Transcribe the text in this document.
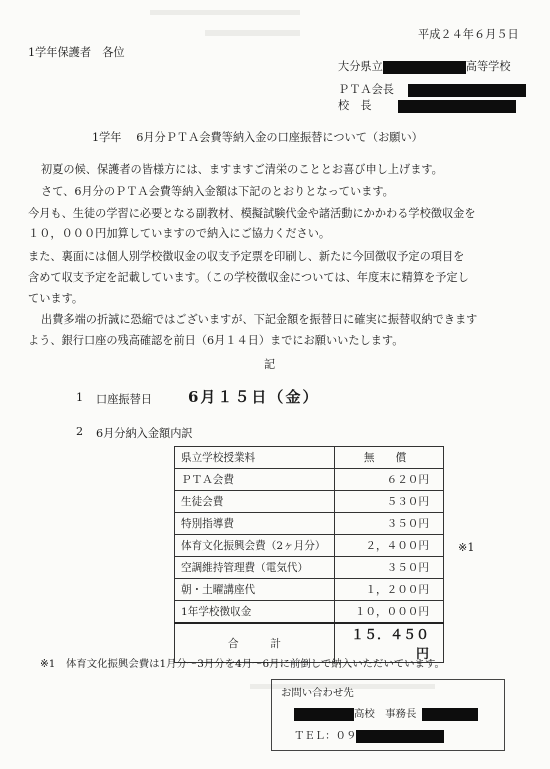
平成２４年６月５日
1学年保護者　各位
大分県立	高等学校
ＰＴＡ会長
校　長
1学年　 6月分ＰＴＡ会費等納入金の口座振替について（お願い）

初夏の候、保護者の皆様方には、ますますご清栄のこととお喜び申し上げます。

さて、6月分のＰＴＡ会費等納入金額は下記のとおりとなっています。

今月も、生徒の学習に必要となる副教材、模擬試験代金や諸活動にかかわる学校徴収金を

１０，０００円加算していますので納入にご協力ください。

また、裏面には個人別学校徴収金の収支予定票を印刷し、新たに今回徴収予定の項目を

含めて収支予定を記載しています。（この学校徴収金については、年度末に精算を予定し

ています。

出費多端の折誠に恐縮ではございますが、下記金額を振替日に確実に振替収納できます

よう、銀行口座の残高確認を前日（6月１４日）までにお願いいたします。

記
1 口座振替日 6月１５日（金）
2 6月分納入金額内訳
県立学校授業料	無　　償
ＰＴＡ会費	６２０円
生徒会費	５３０円
特別指導費	３５０円
体育文化振興会費（2ヶ月分）	２，４００円
空調維持管理費（電気代）	３５０円
朝・土曜講座代	１，２００円
1年学校徴収金	１０，０００円
合　　　計	１５．４５０円
※1
※1 体育文化振興会費は1月分～3月分を4月～6月に前倒しで納入いただいています。
お問い合わせ先
高校　事務長
ＴＥＬ：０９
